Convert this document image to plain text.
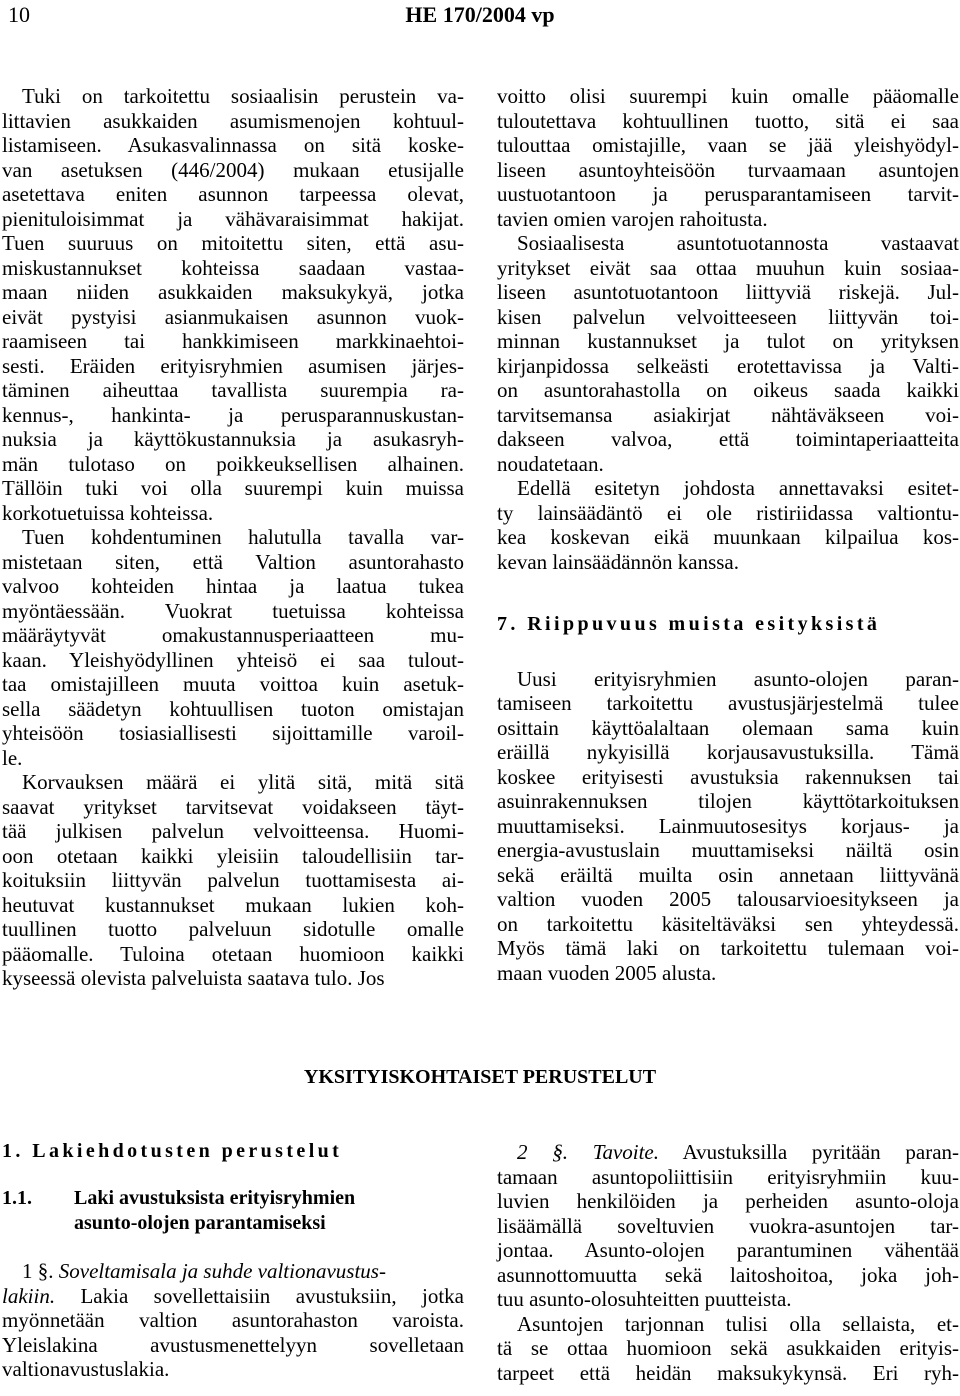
10	HE 170/2004 vp
Tuki on tarkoitettu sosiaalisin perustein va-
littavien asukkaiden asumismenojen kohtuul-
listamiseen. Asukasvalinnassa on sitä koske-
van asetuksen (446/2004) mukaan etusijalle
asetettava eniten asunnon tarpeessa olevat,
pienituloisimmat ja vähävaraisimmat hakijat.
Tuen suuruus on mitoitettu siten, että asu-
miskustannukset kohteissa saadaan vastaa-
maan niiden asukkaiden maksukykyä, jotka
eivät pystyisi asianmukaisen asunnon vuok-
raamiseen tai hankkimiseen markkinaehtoi-
sesti. Eräiden erityisryhmien asumisen järjes-
täminen aiheuttaa tavallista suurempia ra-
kennus-, hankinta- ja perusparannuskustan-
nuksia ja käyttökustannuksia ja asukasryh-
män tulotaso on poikkeuksellisen alhainen.
Tällöin tuki voi olla suurempi kuin muissa
korkotuetuissa kohteissa.
Tuen kohdentuminen halutulla tavalla var-
mistetaan siten, että Valtion asuntorahasto
valvoo kohteiden hintaa ja laatua tukea
myöntäessään. Vuokrat tuetuissa kohteissa
määräytyvät omakustannusperiaatteen mu-
kaan. Yleishyödyllinen yhteisö ei saa tulout-
taa omistajilleen muuta voittoa kuin asetuk-
sella säädetyn kohtuullisen tuoton omistajan
yhteisöön tosiasiallisesti sijoittamille varoil-
le.
Korvauksen määrä ei ylitä sitä, mitä sitä
saavat yritykset tarvitsevat voidakseen täyt-
tää julkisen palvelun velvoitteensa. Huomi-
oon otetaan kaikki yleisiin taloudellisiin tar-
koituksiin liittyvän palvelun tuottamisesta ai-
heutuvat kustannukset mukaan lukien koh-
tuullinen tuotto palveluun sidotulle omalle
pääomalle. Tuloina otetaan huomioon kaikki
kyseessä olevista palveluista saatava tulo. Jos
voitto olisi suurempi kuin omalle pääomalle
tuloutettava kohtuullinen tuotto, sitä ei saa
tulouttaa omistajille, vaan se jää yleishyödyl-
liseen asuntoyhteisöön turvaamaan asuntojen
uustuotantoon ja perusparantamiseen tarvit-
tavien omien varojen rahoitusta.
Sosiaalisesta asuntotuotannosta vastaavat
yritykset eivät saa ottaa muuhun kuin sosiaa-
liseen asuntotuotantoon liittyviä riskejä. Jul-
kisen palvelun velvoitteeseen liittyvän toi-
minnan kustannukset ja tulot on yrityksen
kirjanpidossa selkeästi erotettavissa ja Valti-
on asuntorahastolla on oikeus saada kaikki
tarvitsemansa asiakirjat nähtäväkseen voi-
dakseen valvoa, että toimintaperiaatteita
noudatetaan.
Edellä esitetyn johdosta annettavaksi esitet-
ty lainsäädäntö ei ole ristiriidassa valtiontu-
kea koskevan eikä muunkaan kilpailua kos-
kevan lainsäädännön kanssa.
7. Riippuvuus muista esityksistä
Uusi erityisryhmien asunto-olojen paran-
tamiseen tarkoitettu avustusjärjestelmä tulee
osittain käyttöalaltaan olemaan sama kuin
eräillä nykyisillä korjausavustuksilla. Tämä
koskee erityisesti avustuksia rakennuksen tai
asuinrakennuksen tilojen käyttötarkoituksen
muuttamiseksi. Lainmuutosesitys korjaus- ja
energia-avustuslain muuttamiseksi näiltä osin
sekä eräiltä muilta osin annetaan liittyvänä
valtion vuoden 2005 talousarvioesitykseen ja
on tarkoitettu käsiteltäväksi sen yhteydessä.
Myös tämä laki on tarkoitettu tulemaan voi-
maan vuoden 2005 alusta.
YKSITYISKOHTAISET PERUSTELUT
1. Lakiehdotusten perustelut
1.1. Laki avustuksista erityisryhmien
asunto-olojen parantamiseksi
1 §. Soveltamisala ja suhde valtionavustus-
lakiin. Lakia sovellettaisiin avustuksiin, jotka
myönnetään valtion asuntorahaston varoista.
Yleislakina avustusmenettelyyn sovelletaan
valtionavustuslakia.
2 §. Tavoite. Avustuksilla pyritään paran-
tamaan asuntopoliittisiin erityisryhmiin kuu-
luvien henkilöiden ja perheiden asunto-oloja
lisäämällä soveltuvien vuokra-asuntojen tar-
jontaa. Asunto-olojen parantuminen vähentää
asunnottomuutta sekä laitoshoitoa, joka joh-
tuu asunto-olosuhteitten puutteista.
Asuntojen tarjonnan tulisi olla sellaista, et-
tä se ottaa huomioon sekä asukkaiden erityis-
tarpeet että heidän maksukykynsä. Eri ryh-
